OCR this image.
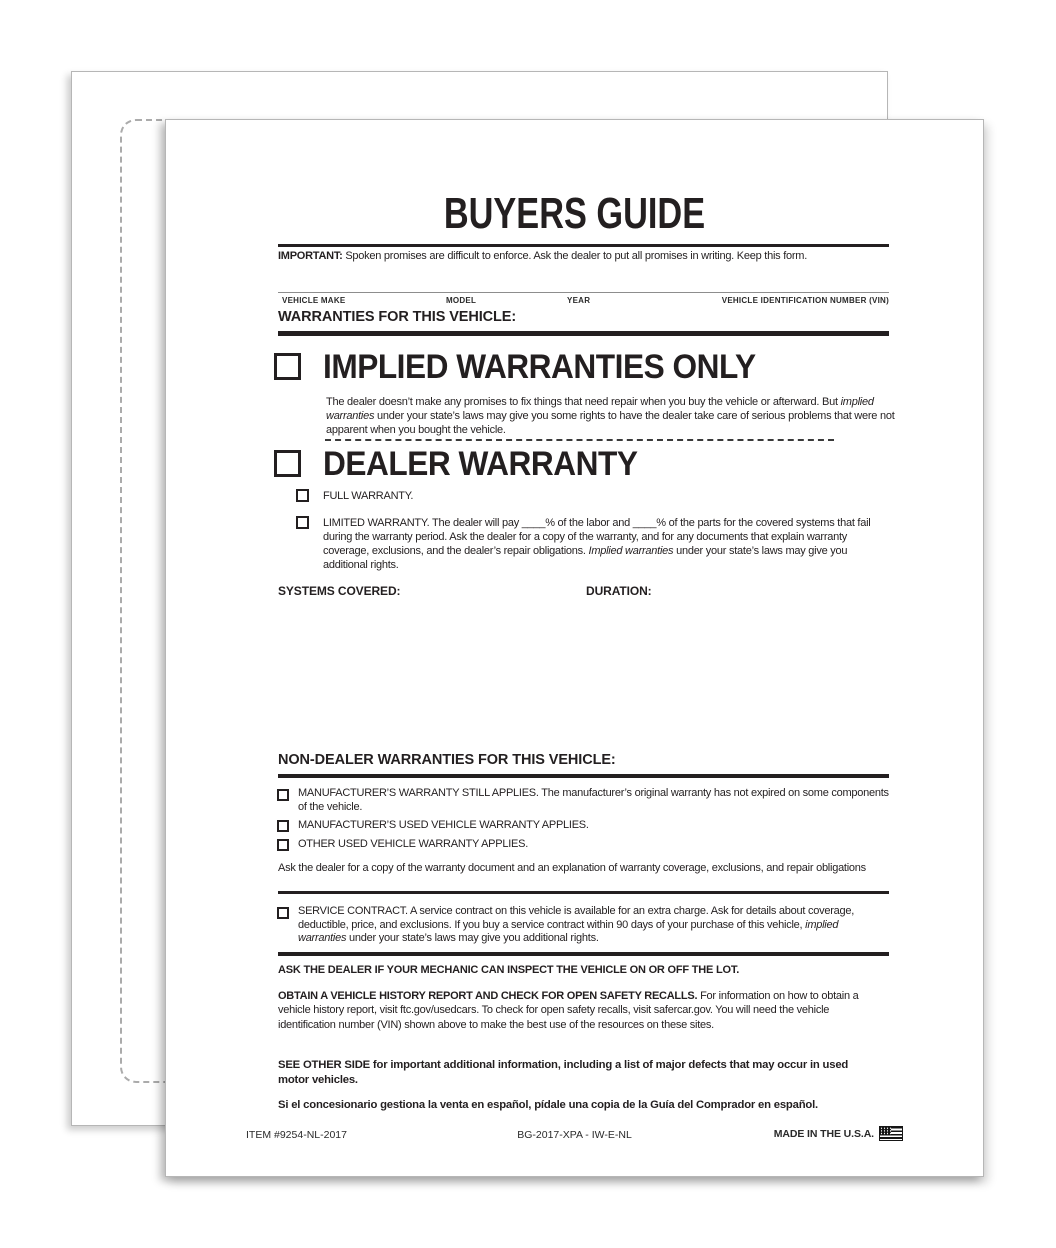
BUYERS GUIDE
IMPORTANT: Spoken promises are difficult to enforce. Ask the dealer to put all promises in writing. Keep this form.
VEHICLE MAKE	MODEL	YEAR	VEHICLE IDENTIFICATION NUMBER (VIN)
WARRANTIES FOR THIS VEHICLE:
IMPLIED WARRANTIES ONLY
The dealer doesn’t make any promises to fix things that need repair when you buy the vehicle or afterward. But implied warranties under your state’s laws may give you some rights to have the dealer take care of serious problems that were not apparent when you bought the vehicle.
DEALER WARRANTY
FULL WARRANTY.
LIMITED WARRANTY. The dealer will pay ____% of the labor and ____% of the parts for the covered systems that fail during the warranty period. Ask the dealer for a copy of the warranty, and for any documents that explain warranty coverage, exclusions, and the dealer’s repair obligations. Implied warranties under your state’s laws may give you additional rights.
SYSTEMS COVERED:	DURATION:
NON-DEALER WARRANTIES FOR THIS VEHICLE:
MANUFACTURER’S WARRANTY STILL APPLIES. The manufacturer’s original warranty has not expired on some components of the vehicle.
MANUFACTURER’S USED VEHICLE WARRANTY APPLIES.
OTHER USED VEHICLE WARRANTY APPLIES.
Ask the dealer for a copy of the warranty document and an explanation of warranty coverage, exclusions, and repair obligations
SERVICE CONTRACT. A service contract on this vehicle is available for an extra charge. Ask for details about coverage, deductible, price, and exclusions. If you buy a service contract within 90 days of your purchase of this vehicle, implied warranties under your state’s laws may give you additional rights.
ASK THE DEALER IF YOUR MECHANIC CAN INSPECT THE VEHICLE ON OR OFF THE LOT.
OBTAIN A VEHICLE HISTORY REPORT AND CHECK FOR OPEN SAFETY RECALLS. For information on how to obtain a vehicle history report, visit ftc.gov/usedcars. To check for open safety recalls, visit safercar.gov. You will need the vehicle identification number (VIN) shown above to make the best use of the resources on these sites.
SEE OTHER SIDE for important additional information, including a list of major defects that may occur in used motor vehicles.
Si el concesionario gestiona la venta en español, pídale una copia de la Guía del Comprador en español.
ITEM #9254-NL-2017	BG-2017-XPA - IW-E-NL	MADE IN THE U.S.A.
